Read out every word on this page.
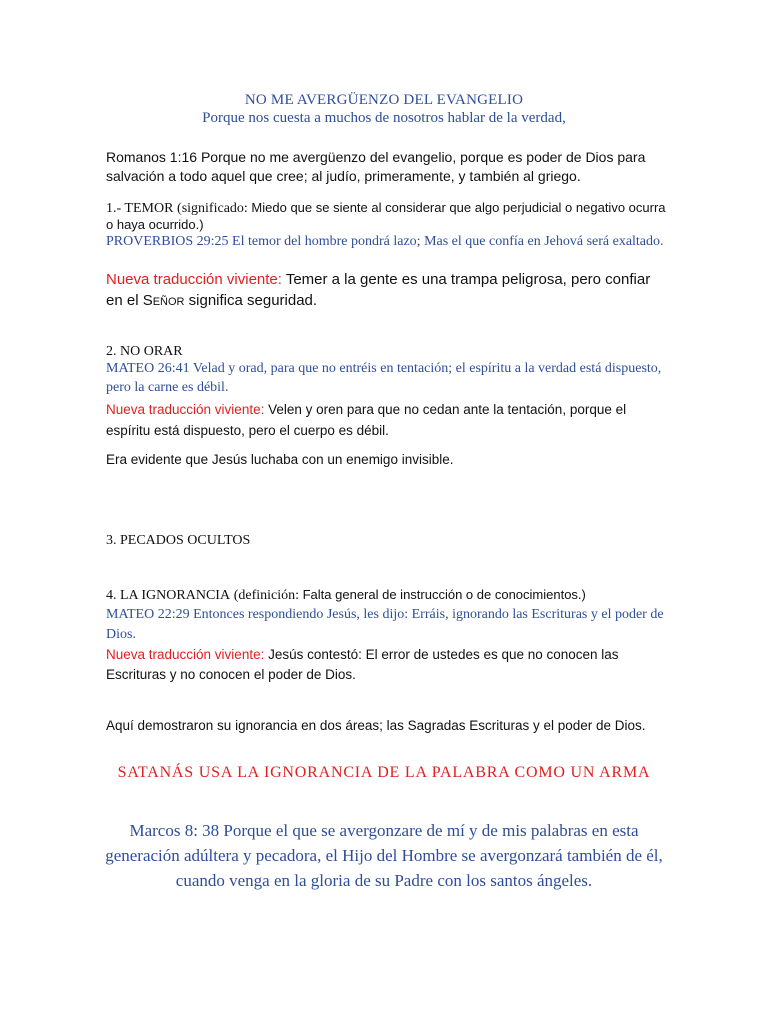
NO ME AVERGÜENZO DEL EVANGELIO

Porque nos cuesta a muchos de nosotros hablar de la verdad,

Romanos 1:16 Porque no me avergüenzo del evangelio, porque es poder de Dios para salvación a todo aquel que cree; al judío, primeramente, y también al griego.

1.- TEMOR (significado: Miedo que se siente al considerar que algo perjudicial o negativo ocurra o haya ocurrido.)

PROVERBIOS 29:25 El temor del hombre pondrá lazo; Mas el que confía en Jehová será exaltado.

Nueva traducción viviente: Temer a la gente es una trampa peligrosa, pero confiar en el SEÑOR significa seguridad.

2. NO ORAR

MATEO 26:41 Velad y orad, para que no entréis en tentación; el espíritu a la verdad está dispuesto, pero la carne es débil.

Nueva traducción viviente: Velen y oren para que no cedan ante la tentación, porque el espíritu está dispuesto, pero el cuerpo es débil.

Era evidente que Jesús luchaba con un enemigo invisible.

3. PECADOS OCULTOS

4. LA IGNORANCIA (definición: Falta general de instrucción o de conocimientos.)

MATEO 22:29 Entonces respondiendo Jesús, les dijo: Erráis, ignorando las Escrituras y el poder de Dios.

Nueva traducción viviente: Jesús contestó: El error de ustedes es que no conocen las Escrituras y no conocen el poder de Dios.

Aquí demostraron su ignorancia en dos áreas; las Sagradas Escrituras y el poder de Dios.

SATANÁS USA LA IGNORANCIA DE LA PALABRA COMO UN ARMA

Marcos 8: 38 Porque el que se avergonzare de mí y de mis palabras en esta generación adúltera y pecadora, el Hijo del Hombre se avergonzará también de él, cuando venga en la gloria de su Padre con los santos ángeles.
